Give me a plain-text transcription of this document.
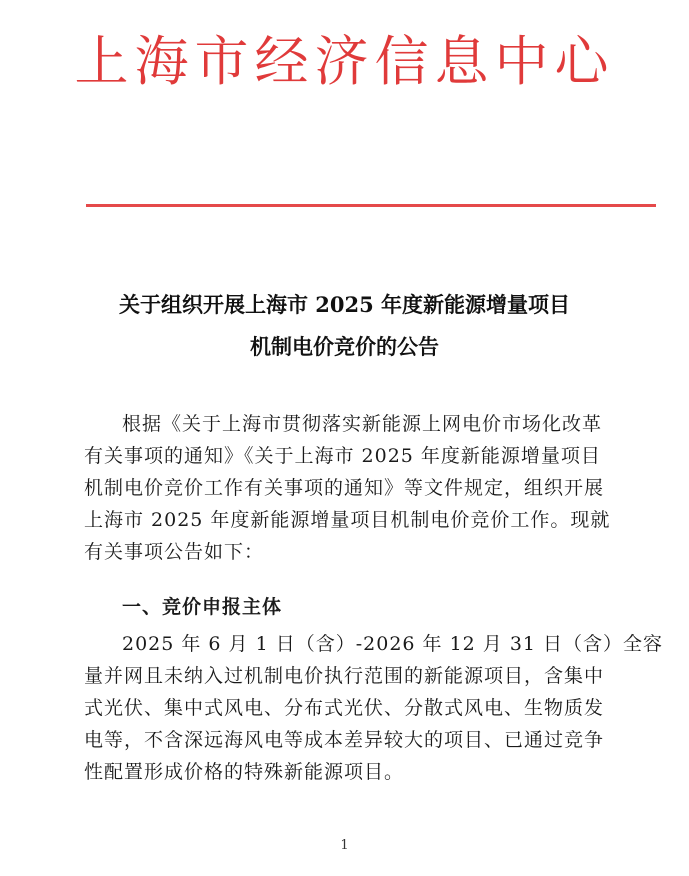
上海市经济信息中心
关于组织开展上海市 2025 年度新能源增量项目
机制电价竞价的公告
根据《关于上海市贯彻落实新能源上网电价市场化改革
有关事项的通知》《关于上海市 2025 年度新能源增量项目
机制电价竞价工作有关事项的通知》等文件规定，组织开展
上海市 2025 年度新能源增量项目机制电价竞价工作。现就
有关事项公告如下：
一、竞价申报主体
2025 年 6 月 1 日（含）-2026 年 12 月 31 日（含）全容
量并网且未纳入过机制电价执行范围的新能源项目，含集中
式光伏、集中式风电、分布式光伏、分散式风电、生物质发
电等，不含深远海风电等成本差异较大的项目、已通过竞争
性配置形成价格的特殊新能源项目。
1
